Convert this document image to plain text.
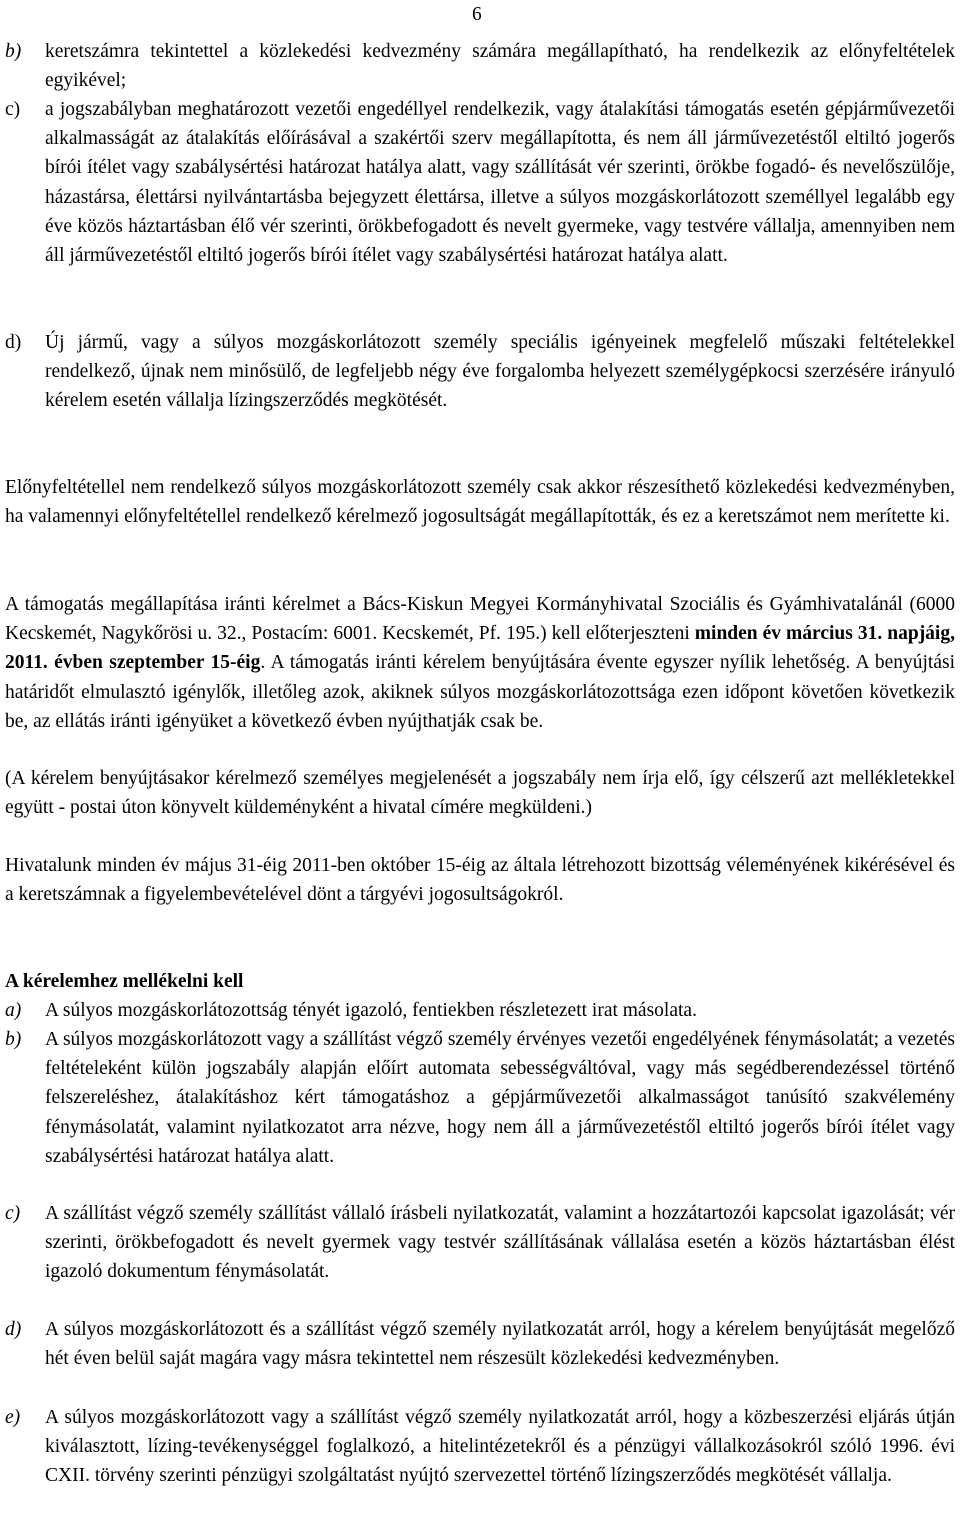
6

b) keretszámra tekintettel a közlekedési kedvezmény számára megállapítható, ha rendelkezik az előnyfeltételek egyikével;

c) a jogszabályban meghatározott vezetői engedéllyel rendelkezik, vagy átalakítási támogatás esetén gépjárművezetői alkalmasságát az átalakítás előírásával a szakértői szerv megállapította, és nem áll járművezetéstől eltiltó jogerős bírói ítélet vagy szabálysértési határozat hatálya alatt, vagy szállítását vér szerinti, örökbe fogadó- és nevelőszülője, házastársa, élettársi nyilvántartásba bejegyzett élettársa, illetve a súlyos mozgáskorlátozott személlyel legalább egy éve közös háztartásban élő vér szerinti, örökbefogadott és nevelt gyermeke, vagy testvére vállalja, amennyiben nem áll járművezetéstől eltiltó jogerős bírói ítélet vagy szabálysértési határozat hatálya alatt.

d) Új jármű, vagy a súlyos mozgáskorlátozott személy speciális igényeinek megfelelő műszaki feltételekkel rendelkező, újnak nem minősülő, de legfeljebb négy éve forgalomba helyezett személygépkocsi szerzésére irányuló kérelem esetén vállalja lízingszerződés megkötését.

Előnyfeltétellel nem rendelkező súlyos mozgáskorlátozott személy csak akkor részesíthető közlekedési kedvezményben, ha valamennyi előnyfeltétellel rendelkező kérelmező jogosultságát megállapították, és ez a keretszámot nem merítette ki.

A támogatás megállapítása iránti kérelmet a Bács-Kiskun Megyei Kormányhivatal Szociális és Gyámhivatalánál (6000 Kecskemét, Nagykőrösi u. 32., Postacím: 6001. Kecskemét, Pf. 195.) kell előterjeszteni minden év március 31. napjáig, 2011. évben szeptember 15-éig. A támogatás iránti kérelem benyújtására évente egyszer nyílik lehetőség. A benyújtási határidőt elmulasztó igénylők, illetőleg azok, akiknek súlyos mozgáskorlátozottsága ezen időpont követően következik be, az ellátás iránti igényüket a következő évben nyújthatják csak be.

(A kérelem benyújtásakor kérelmező személyes megjelenését a jogszabály nem írja elő, így célszerű azt mellékletekkel együtt - postai úton könyvelt küldeményként a hivatal címére megküldeni.)

Hivatalunk minden év május 31-éig 2011-ben október 15-éig az általa létrehozott bizottság véleményének kikérésével és a keretszámnak a figyelembevételével dönt a tárgyévi jogosultságokról.

A kérelemhez mellékelni kell

a) A súlyos mozgáskorlátozottság tényét igazoló, fentiekben részletezett irat másolata.

b) A súlyos mozgáskorlátozott vagy a szállítást végző személy érvényes vezetői engedélyének fénymásolatát; a vezetés feltételeként külön jogszabály alapján előírt automata sebességváltóval, vagy más segédberendezéssel történő felszereléshez, átalakításhoz kért támogatáshoz a gépjárművezetői alkalmasságot tanúsító szakvélemény fénymásolatát, valamint nyilatkozatot arra nézve, hogy nem áll a járművezetéstől eltiltó jogerős bírói ítélet vagy szabálysértési határozat hatálya alatt.

c) A szállítást végző személy szállítást vállaló írásbeli nyilatkozatát, valamint a hozzátartozói kapcsolat igazolását; vér szerinti, örökbefogadott és nevelt gyermek vagy testvér szállításának vállalása esetén a közös háztartásban élést igazoló dokumentum fénymásolatát.

d) A súlyos mozgáskorlátozott és a szállítást végző személy nyilatkozatát arról, hogy a kérelem benyújtását megelőző hét éven belül saját magára vagy másra tekintettel nem részesült közlekedési kedvezményben.

e) A súlyos mozgáskorlátozott vagy a szállítást végző személy nyilatkozatát arról, hogy a közbeszerzési eljárás útján kiválasztott, lízing-tevékenységgel foglalkozó, a hitelintézetekről és a pénzügyi vállalkozásokról szóló 1996. évi CXII. törvény szerinti pénzügyi szolgáltatást nyújtó szervezettel történő lízingszerződés megkötését vállalja.
